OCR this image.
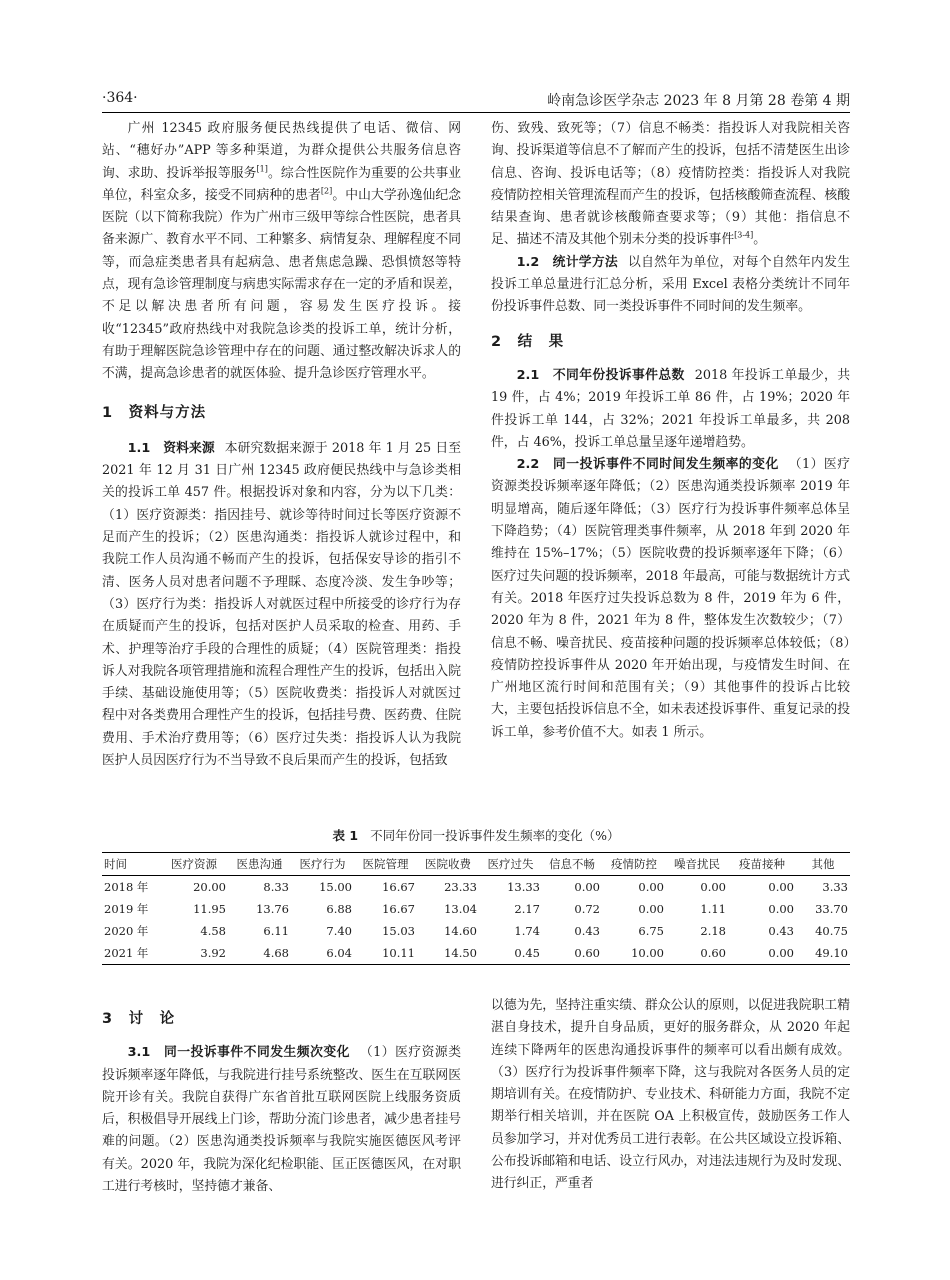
·364·	岭南急诊医学杂志 2023 年 8 月第 28 卷第 4 期

广州 12345 政府服务便民热线提供了电话、微信、网站、“穗好办”APP 等多种渠道，为群众提供公共服务信息咨询、求助、投诉举报等服务[1]。综合性医院作为重要的公共事业单位，科室众多，接受不同病种的患者[2]。中山大学孙逸仙纪念医院（以下简称我院）作为广州市三级甲等综合性医院，患者具备来源广、教育水平不同、工种繁多、病情复杂、理解程度不同等，而急症类患者具有起病急、患者焦虑急躁、恐惧愤怒等特点，现有急诊管理制度与病患实际需求存在一定的矛盾和误差，不足以解决患者所有问题，容易发生医疗投诉。接收“12345”政府热线中对我院急诊类的投诉工单，统计分析，有助于理解医院急诊管理中存在的问题、通过整改解决诉求人的不满，提高急诊患者的就医体验、提升急诊医疗管理水平。

1　资料与方法

1.1　资料来源 本研究数据来源于 2018 年 1 月 25 日至 2021 年 12 月 31 日广州 12345 政府便民热线中与急诊类相关的投诉工单 457 件。根据投诉对象和内容，分为以下几类：（1）医疗资源类：指因挂号、就诊等待时间过长等医疗资源不足而产生的投诉；（2）医患沟通类：指投诉人就诊过程中，和我院工作人员沟通不畅而产生的投诉，包括保安导诊的指引不清、医务人员对患者问题不予理睬、态度冷淡、发生争吵等；（3）医疗行为类：指投诉人对就医过程中所接受的诊疗行为存在质疑而产生的投诉，包括对医护人员采取的检查、用药、手术、护理等治疗手段的合理性的质疑；（4）医院管理类：指投诉人对我院各项管理措施和流程合理性产生的投诉，包括出入院手续、基础设施使用等；（5）医院收费类：指投诉人对就医过程中对各类费用合理性产生的投诉，包括挂号费、医药费、住院费用、手术治疗费用等；（6）医疗过失类：指投诉人认为我院医护人员因医疗行为不当导致不良后果而产生的投诉，包括致

伤、致残、致死等；（7）信息不畅类：指投诉人对我院相关咨询、投诉渠道等信息不了解而产生的投诉，包括不清楚医生出诊信息、咨询、投诉电话等；（8）疫情防控类：指投诉人对我院疫情防控相关管理流程而产生的投诉，包括核酸筛查流程、核酸结果查询、患者就诊核酸筛查要求等；（9）其他：指信息不足、描述不清及其他个别未分类的投诉事件[3-4]。

1.2　统计学方法 以自然年为单位，对每个自然年内发生投诉工单总量进行汇总分析，采用 Excel 表格分类统计不同年份投诉事件总数、同一类投诉事件不同时间的发生频率。

2　结　果

2.1　不同年份投诉事件总数 2018 年投诉工单最少，共 19 件，占 4%；2019 年投诉工单 86 件，占 19%；2020 年件投诉工单 144，占 32%；2021 年投诉工单最多，共 208 件，占 46%，投诉工单总量呈逐年递增趋势。

2.2　同一投诉事件不同时间发生频率的变化 （1）医疗资源类投诉频率逐年降低；（2）医患沟通类投诉频率 2019 年明显增高，随后逐年降低；（3）医疗行为投诉事件频率总体呈下降趋势；（4）医院管理类事件频率，从 2018 年到 2020 年维持在 15%–17%；（5）医院收费的投诉频率逐年下降；（6）医疗过失问题的投诉频率，2018 年最高，可能与数据统计方式有关。2018 年医疗过失投诉总数为 8 件，2019 年为 6 件，2020 年为 8 件，2021 年为 8 件，整体发生次数较少；（7）信息不畅、噪音扰民、疫苗接种问题的投诉频率总体较低；（8）疫情防控投诉事件从 2020 年开始出现，与疫情发生时间、在广州地区流行时间和范围有关；（9）其他事件的投诉占比较大，主要包括投诉信息不全，如未表述投诉事件、重复记录的投诉工单，参考价值不大。如表 1 所示。

表 1 不同年份同一投诉事件发生频率的变化（%）
时间	医疗资源	医患沟通	医疗行为	医院管理	医院收费	医疗过失	信息不畅	疫情防控	噪音扰民	疫苗接种	其他
2018 年	20.00	8.33	15.00	16.67	23.33	13.33	0.00	0.00	0.00	0.00	3.33
2019 年	11.95	13.76	6.88	16.67	13.04	2.17	0.72	0.00	1.11	0.00	33.70
2020 年	4.58	6.11	7.40	15.03	14.60	1.74	0.43	6.75	2.18	0.43	40.75
2021 年	3.92	4.68	6.04	10.11	14.50	0.45	0.60	10.00	0.60	0.00	49.10
3　讨　论

3.1　同一投诉事件不同发生频次变化 （1）医疗资源类投诉频率逐年降低，与我院进行挂号系统整改、医生在互联网医院开诊有关。我院自获得广东省首批互联网医院上线服务资质后，积极倡导开展线上门诊，帮助分流门诊患者，减少患者挂号难的问题。（2）医患沟通类投诉频率与我院实施医德医风考评有关。2020 年，我院为深化纪检职能、匡正医德医风，在对职工进行考核时，坚持德才兼备、

以德为先，坚持注重实绩、群众公认的原则，以促进我院职工精湛自身技术，提升自身品质，更好的服务群众，从 2020 年起连续下降两年的医患沟通投诉事件的频率可以看出颇有成效。（3）医疗行为投诉事件频率下降，这与我院对各医务人员的定期培训有关。在疫情防护、专业技术、科研能力方面，我院不定期举行相关培训，并在医院 OA 上积极宣传，鼓励医务工作人员参加学习，并对优秀员工进行表彰。在公共区域设立投诉箱、公布投诉邮箱和电话、设立行风办，对违法违规行为及时发现、进行纠正，严重者
